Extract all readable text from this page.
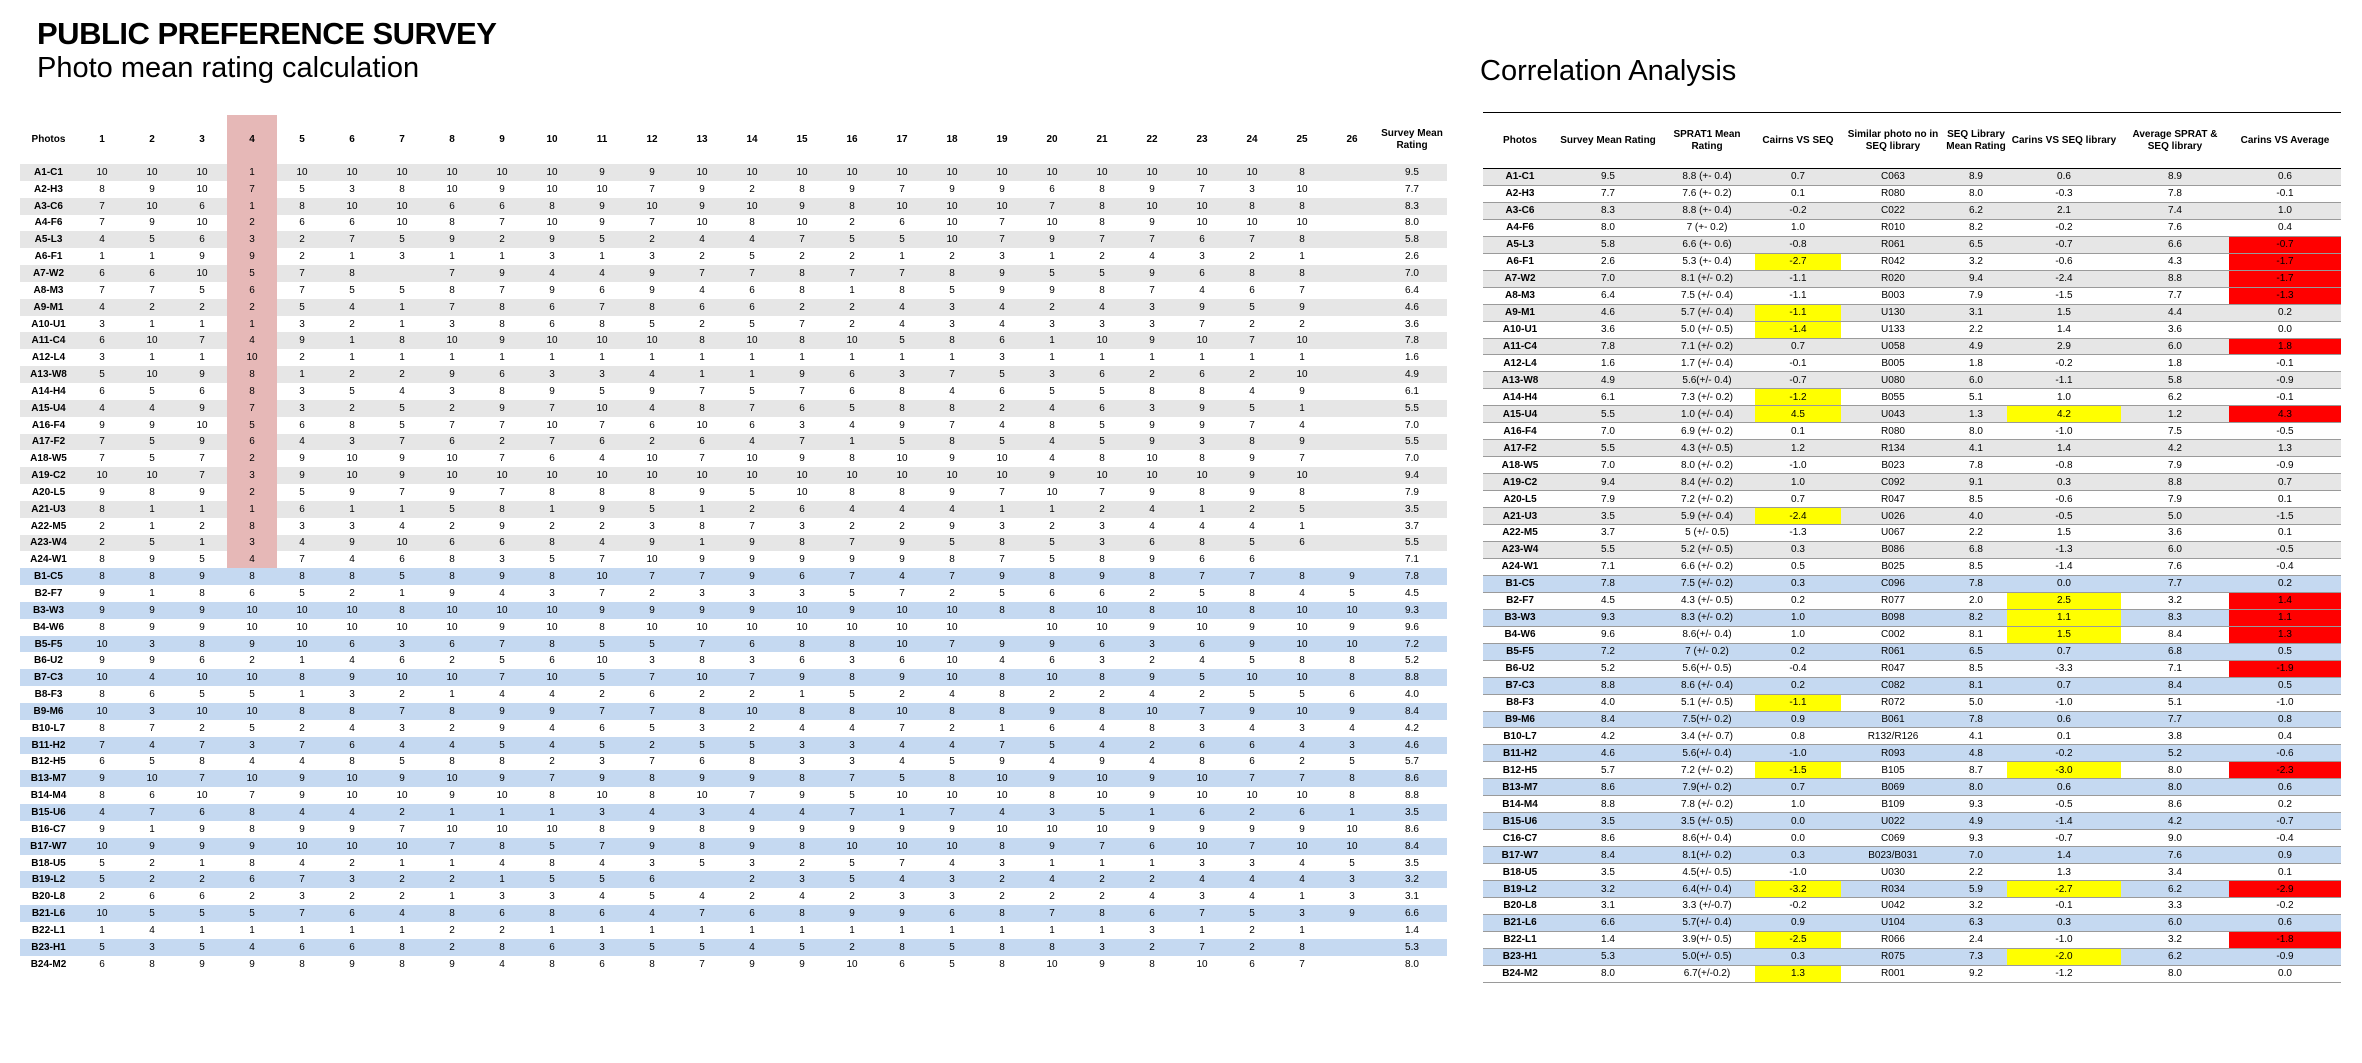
PUBLIC PREFERENCE SURVEY
Photo mean rating calculation	Correlation Analysis
Photos	1	2	3	4	5	6	7	8	9	10	11	12	13	14	15	16	17	18	19	20	21	22	23	24	25	26	Survey Mean Rating
A1-C1	10	10	10	1	10	10	10	10	10	10	9	9	10	10	10	10	10	10	10	10	10	10	10	10	8		9.5
A2-H3	8	9	10	7	5	3	8	10	9	10	10	7	9	2	8	9	7	9	9	6	8	9	7	3	10		7.7
A3-C6	7	10	6	1	8	10	10	6	6	8	9	10	9	10	9	8	10	10	10	7	8	10	10	8	8		8.3
A4-F6	7	9	10	2	6	6	10	8	7	10	9	7	10	8	10	2	6	10	7	10	8	9	10	10	10		8.0
A5-L3	4	5	6	3	2	7	5	9	2	9	5	2	4	4	7	5	5	10	7	9	7	7	6	7	8		5.8
A6-F1	1	1	9	9	2	1	3	1	1	3	1	3	2	5	2	2	1	2	3	1	2	4	3	2	1		2.6
A7-W2	6	6	10	5	7	8		7	9	4	4	9	7	7	8	7	7	8	9	5	5	9	6	8	8		7.0
A8-M3	7	7	5	6	7	5	5	8	7	9	6	9	4	6	8	1	8	5	9	9	8	7	4	6	7		6.4
A9-M1	4	2	2	2	5	4	1	7	8	6	7	8	6	6	2	2	4	3	4	2	4	3	9	5	9		4.6
A10-U1	3	1	1	1	3	2	1	3	8	6	8	5	2	5	7	2	4	3	4	3	3	3	7	2	2		3.6
A11-C4	6	10	7	4	9	1	8	10	9	10	10	10	8	10	8	10	5	8	6	1	10	9	10	7	10		7.8
A12-L4	3	1	1	10	2	1	1	1	1	1	1	1	1	1	1	1	1	1	3	1	1	1	1	1	1		1.6
A13-W8	5	10	9	8	1	2	2	9	6	3	3	4	1	1	9	6	3	7	5	3	6	2	6	2	10		4.9
A14-H4	6	5	6	8	3	5	4	3	8	9	5	9	7	5	7	6	8	4	6	5	5	8	8	4	9		6.1
A15-U4	4	4	9	7	3	2	5	2	9	7	10	4	8	7	6	5	8	8	2	4	6	3	9	5	1		5.5
A16-F4	9	9	10	5	6	8	5	7	7	10	7	6	10	6	3	4	9	7	4	8	5	9	9	7	4		7.0
A17-F2	7	5	9	6	4	3	7	6	2	7	6	2	6	4	7	1	5	8	5	4	5	9	3	8	9		5.5
A18-W5	7	5	7	2	9	10	9	10	7	6	4	10	7	10	9	8	10	9	10	4	8	10	8	9	7		7.0
A19-C2	10	10	7	3	9	10	9	10	10	10	10	10	10	10	10	10	10	10	10	9	10	10	10	9	10		9.4
A20-L5	9	8	9	2	5	9	7	9	7	8	8	8	9	5	10	8	8	9	7	10	7	9	8	9	8		7.9
A21-U3	8	1	1	1	6	1	1	5	8	1	9	5	1	2	6	4	4	4	1	1	2	4	1	2	5		3.5
A22-M5	2	1	2	8	3	3	4	2	9	2	2	3	8	7	3	2	2	9	3	2	3	4	4	4	1		3.7
A23-W4	2	5	1	3	4	9	10	6	6	8	4	9	1	9	8	7	9	5	8	5	3	6	8	5	6		5.5
A24-W1	8	9	5	4	7	4	6	8	3	5	7	10	9	9	9	9	9	8	7	5	8	9	6	6			7.1
B1-C5	8	8	9	8	8	8	5	8	9	8	10	7	7	9	6	7	4	7	9	8	9	8	7	7	8	9	7.8
B2-F7	9	1	8	6	5	2	1	9	4	3	7	2	3	3	3	5	7	2	5	6	6	2	5	8	4	5	4.5
B3-W3	9	9	9	10	10	10	8	10	10	10	9	9	9	9	10	9	10	10	8	8	10	8	10	8	10	10	9.3
B4-W6	8	9	9	10	10	10	10	10	9	10	8	10	10	10	10	10	10	10		10	10	9	10	9	10	9	9.6
B5-F5	10	3	8	9	10	6	3	6	7	8	5	5	7	6	8	8	10	7	9	9	6	3	6	9	10	10	7.2
B6-U2	9	9	6	2	1	4	6	2	5	6	10	3	8	3	6	3	6	10	4	6	3	2	4	5	8	8	5.2
B7-C3	10	4	10	10	8	9	10	10	7	10	5	7	10	7	9	8	9	10	8	10	8	9	5	10	10	8	8.8
B8-F3	8	6	5	5	1	3	2	1	4	4	2	6	2	2	1	5	2	4	8	2	2	4	2	5	5	6	4.0
B9-M6	10	3	10	10	8	8	7	8	9	9	7	7	8	10	8	8	10	8	8	9	8	10	7	9	10	9	8.4
B10-L7	8	7	2	5	2	4	3	2	9	4	6	5	3	2	4	4	7	2	1	6	4	8	3	4	3	4	4.2
B11-H2	7	4	7	3	7	6	4	4	5	4	5	2	5	5	3	3	4	4	7	5	4	2	6	6	4	3	4.6
B12-H5	6	5	8	4	4	8	5	8	8	2	3	7	6	8	3	3	4	5	9	4	9	4	8	6	2	5	5.7
B13-M7	9	10	7	10	9	10	9	10	9	7	9	8	9	9	8	7	5	8	10	9	10	9	10	7	7	8	8.6
B14-M4	8	6	10	7	9	10	10	9	10	8	10	8	10	7	9	5	10	10	10	8	10	9	10	10	10	8	8.8
B15-U6	4	7	6	8	4	4	2	1	1	1	3	4	3	4	4	7	1	7	4	3	5	1	6	2	6	1	3.5
B16-C7	9	1	9	8	9	9	7	10	10	10	8	9	8	9	9	9	9	9	10	10	10	9	9	9	9	10	8.6
B17-W7	10	9	9	9	10	10	10	7	8	5	7	9	8	9	8	10	10	10	8	9	7	6	10	7	10	10	8.4
B18-U5	5	2	1	8	4	2	1	1	4	8	4	3	5	3	2	5	7	4	3	1	1	1	3	3	4	5	3.5
B19-L2	5	2	2	6	7	3	2	2	1	5	5	6		2	3	5	4	3	2	4	2	2	4	4	4	3	3.2
B20-L8	2	6	6	2	3	2	2	1	3	3	4	5	4	2	4	2	3	3	2	2	2	4	3	4	1	3	3.1
B21-L6	10	5	5	5	7	6	4	8	6	8	6	4	7	6	8	9	9	6	8	7	8	6	7	5	3	9	6.6
B22-L1	1	4	1	1	1	1	1	2	2	1	1	1	1	1	1	1	1	1	1	1	1	3	1	2	1		1.4
B23-H1	5	3	5	4	6	6	8	2	8	6	3	5	5	4	5	2	8	5	8	8	3	2	7	2	8		5.3
B24-M2	6	8	9	9	8	9	8	9	4	8	6	8	7	9	9	10	6	5	8	10	9	8	10	6	7		8.0
Photos	Survey Mean Rating	SPRAT1 Mean Rating	Cairns VS SEQ	Similar photo no in SEQ library	SEQ Library Mean Rating	Carins VS SEQ library	Average SPRAT & SEQ library	Carins VS Average
A1-C1	9.5	8.8 (+- 0.4)	0.7	C063	8.9	0.6	8.9	0.6
A2-H3	7.7	7.6 (+- 0.2)	0.1	R080	8.0	-0.3	7.8	-0.1
A3-C6	8.3	8.8 (+- 0.4)	-0.2	C022	6.2	2.1	7.4	1.0
A4-F6	8.0	7 (+- 0.2)	1.0	R010	8.2	-0.2	7.6	0.4
A5-L3	5.8	6.6 (+- 0.6)	-0.8	R061	6.5	-0.7	6.6	-0.7
A6-F1	2.6	5.3 (+- 0.4)	-2.7	R042	3.2	-0.6	4.3	-1.7
A7-W2	7.0	8.1 (+/- 0.2)	-1.1	R020	9.4	-2.4	8.8	-1.7
A8-M3	6.4	7.5 (+/- 0.4)	-1.1	B003	7.9	-1.5	7.7	-1.3
A9-M1	4.6	5.7 (+/- 0.4)	-1.1	U130	3.1	1.5	4.4	0.2
A10-U1	3.6	5.0 (+/- 0.5)	-1.4	U133	2.2	1.4	3.6	0.0
A11-C4	7.8	7.1 (+/- 0.2)	0.7	U058	4.9	2.9	6.0	1.8
A12-L4	1.6	1.7 (+/- 0.4)	-0.1	B005	1.8	-0.2	1.8	-0.1
A13-W8	4.9	5.6(+/- 0.4)	-0.7	U080	6.0	-1.1	5.8	-0.9
A14-H4	6.1	7.3 (+/- 0.2)	-1.2	B055	5.1	1.0	6.2	-0.1
A15-U4	5.5	1.0 (+/- 0.4)	4.5	U043	1.3	4.2	1.2	4.3
A16-F4	7.0	6.9 (+/- 0.2)	0.1	R080	8.0	-1.0	7.5	-0.5
A17-F2	5.5	4.3 (+/- 0.5)	1.2	R134	4.1	1.4	4.2	1.3
A18-W5	7.0	8.0 (+/- 0.2)	-1.0	B023	7.8	-0.8	7.9	-0.9
A19-C2	9.4	8.4 (+/- 0.2)	1.0	C092	9.1	0.3	8.8	0.7
A20-L5	7.9	7.2 (+/- 0.2)	0.7	R047	8.5	-0.6	7.9	0.1
A21-U3	3.5	5.9 (+/- 0.4)	-2.4	U026	4.0	-0.5	5.0	-1.5
A22-M5	3.7	5 (+/- 0.5)	-1.3	U067	2.2	1.5	3.6	0.1
A23-W4	5.5	5.2 (+/- 0.5)	0.3	B086	6.8	-1.3	6.0	-0.5
A24-W1	7.1	6.6 (+/- 0.2)	0.5	B025	8.5	-1.4	7.6	-0.4
B1-C5	7.8	7.5 (+/- 0.2)	0.3	C096	7.8	0.0	7.7	0.2
B2-F7	4.5	4.3 (+/- 0.5)	0.2	R077	2.0	2.5	3.2	1.4
B3-W3	9.3	8.3 (+/- 0.2)	1.0	B098	8.2	1.1	8.3	1.1
B4-W6	9.6	8.6(+/- 0.4)	1.0	C002	8.1	1.5	8.4	1.3
B5-F5	7.2	7 (+/- 0.2)	0.2	R061	6.5	0.7	6.8	0.5
B6-U2	5.2	5.6(+/- 0.5)	-0.4	R047	8.5	-3.3	7.1	-1.9
B7-C3	8.8	8.6 (+/- 0.4)	0.2	C082	8.1	0.7	8.4	0.5
B8-F3	4.0	5.1 (+/- 0.5)	-1.1	R072	5.0	-1.0	5.1	-1.0
B9-M6	8.4	7.5(+/- 0.2)	0.9	B061	7.8	0.6	7.7	0.8
B10-L7	4.2	3.4 (+/- 0.7)	0.8	R132/R126	4.1	0.1	3.8	0.4
B11-H2	4.6	5.6(+/- 0.4)	-1.0	R093	4.8	-0.2	5.2	-0.6
B12-H5	5.7	7.2 (+/- 0.2)	-1.5	B105	8.7	-3.0	8.0	-2.3
B13-M7	8.6	7.9(+/- 0.2)	0.7	B069	8.0	0.6	8.0	0.6
B14-M4	8.8	7.8 (+/- 0.2)	1.0	B109	9.3	-0.5	8.6	0.2
B15-U6	3.5	3.5 (+/- 0.5)	0.0	U022	4.9	-1.4	4.2	-0.7
C16-C7	8.6	8.6(+/- 0.4)	0.0	C069	9.3	-0.7	9.0	-0.4
B17-W7	8.4	8.1(+/- 0.2)	0.3	B023/B031	7.0	1.4	7.6	0.9
B18-U5	3.5	4.5(+/- 0.5)	-1.0	U030	2.2	1.3	3.4	0.1
B19-L2	3.2	6.4(+/- 0.4)	-3.2	R034	5.9	-2.7	6.2	-2.9
B20-L8	3.1	3.3 (+/-0.7)	-0.2	U042	3.2	-0.1	3.3	-0.2
B21-L6	6.6	5.7(+/- 0.4)	0.9	U104	6.3	0.3	6.0	0.6
B22-L1	1.4	3.9(+/- 0.5)	-2.5	R066	2.4	-1.0	3.2	-1.8
B23-H1	5.3	5.0(+/- 0.5)	0.3	R075	7.3	-2.0	6.2	-0.9
B24-M2	8.0	6.7(+/-0.2)	1.3	R001	9.2	-1.2	8.0	0.0
